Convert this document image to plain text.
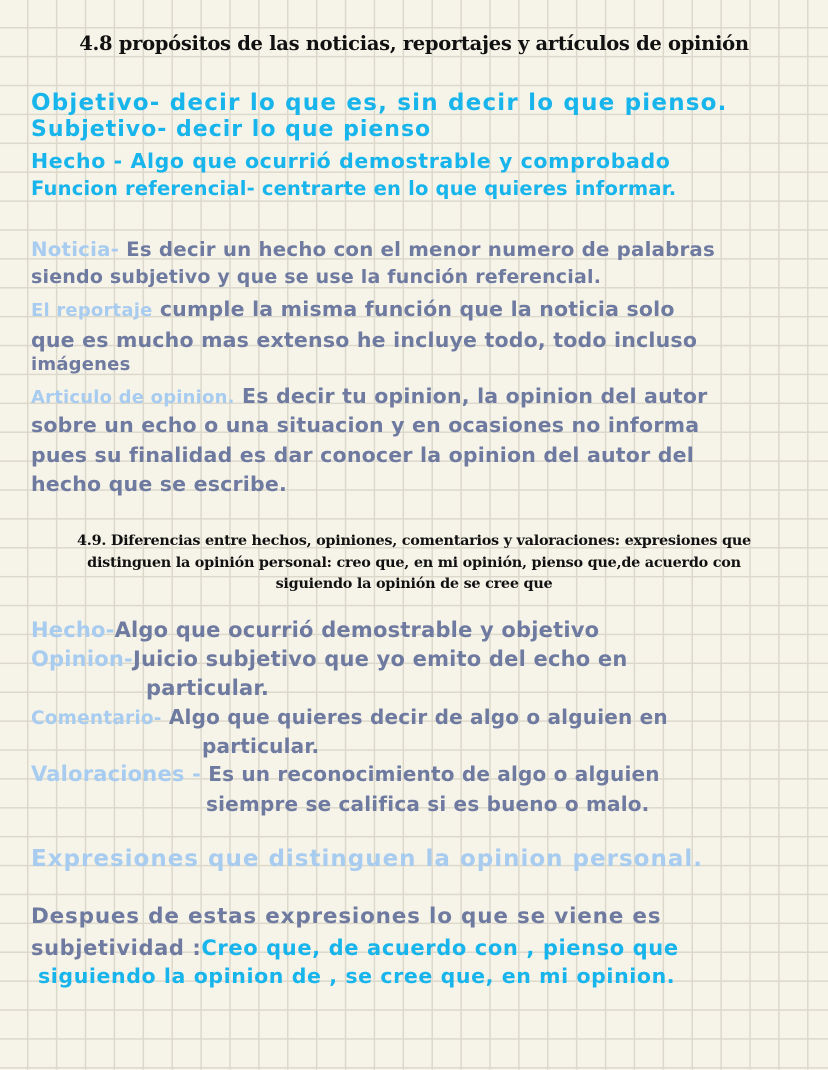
4.8 propósitos de las noticias, reportajes y artículos de opinión
Objetivo- decir lo que es, sin decir lo que pienso.
Subjetivo- decir lo que pienso
Hecho - Algo que ocurrió demostrable y comprobado
Funcion referencial- centrarte en lo que quieres informar.
Noticia- Es decir un hecho con el menor numero de palabras
siendo subjetivo y que se use la función referencial.
El reportaje cumple la misma función que la noticia solo
que es mucho mas extenso he incluye todo, todo incluso
imágenes
Articulo de opinion. Es decir tu opinion, la opinion del autor
sobre un echo o una situacion y en ocasiones no informa
pues su finalidad es dar conocer la opinion del autor del
hecho que se escribe.
4.9. Diferencias entre hechos, opiniones, comentarios y valoraciones: expresiones que
distinguen la opinión personal: creo que, en mi opinión, pienso que,de acuerdo con
siguiendo la opinión de se cree que
Hecho-Algo que ocurrió demostrable y objetivo
Opinion-Juicio subjetivo que yo emito del echo en
particular.
Comentario- Algo que quieres decir de algo o alguien en
particular.
Valoraciones - Es un reconocimiento de algo o alguien
siempre se califica si es bueno o malo.
Expresiones que distinguen la opinion personal.
Despues de estas expresiones lo que se viene es
subjetividad :Creo que, de acuerdo con , pienso que
siguiendo la opinion de , se cree que, en mi opinion.
